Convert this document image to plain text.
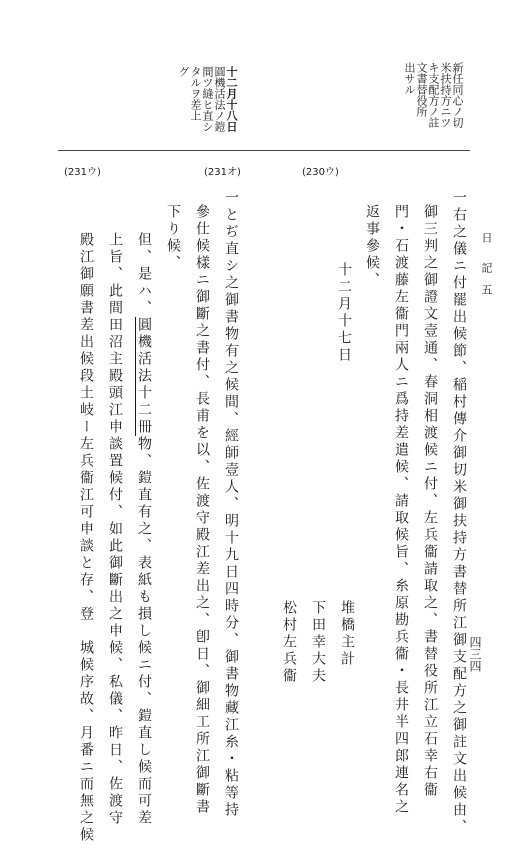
日
記　五
四三四
新任同心ノ切
米扶持方ニツ
キ支配方ノ註
文書替役所
出サル
十二月十八日
圓機活法ノ鎧
間ツ縫ヒ直シ
タルヲ差上
グ
(231ウ)	(231オ)	(230ウ)
一右之儀ニ付罷出候節、稲村傳介御切米御扶持方書替所江御支配方之御註文出候由、
御三判之御證文壹通、春洞相渡候ニ付、左兵衞請取之、書替役所江立石幸右衞
門・石渡藤左衞門兩人ニ爲持差遣候、請取候旨、糸原勘兵衞・長井半四郎連名之
返事參候、
十二月十七日
堆橋主計
下田幸大夫
松村左兵衞
一とぢ直シ之御書物有之候間、經師壹人、明十九日四時分、御書物藏江糸・粘等持
參仕候樣ニ御斷之書付、長甫を以、佐渡守殿江差出之、卽日、御細工所江御斷書
下り候、
但、是ハ、圓機活法十二冊物、鎧直有之、表紙も損し候ニ付、鎧直し候而可差
上旨、此間田沼主殿頭江申談置候付、如此御斷出之申候、私儀、昨日、佐渡守
殿江御願書差出候段土岐ー左兵衞江可申談と存、登　城候序故、月番ニ而無之候
